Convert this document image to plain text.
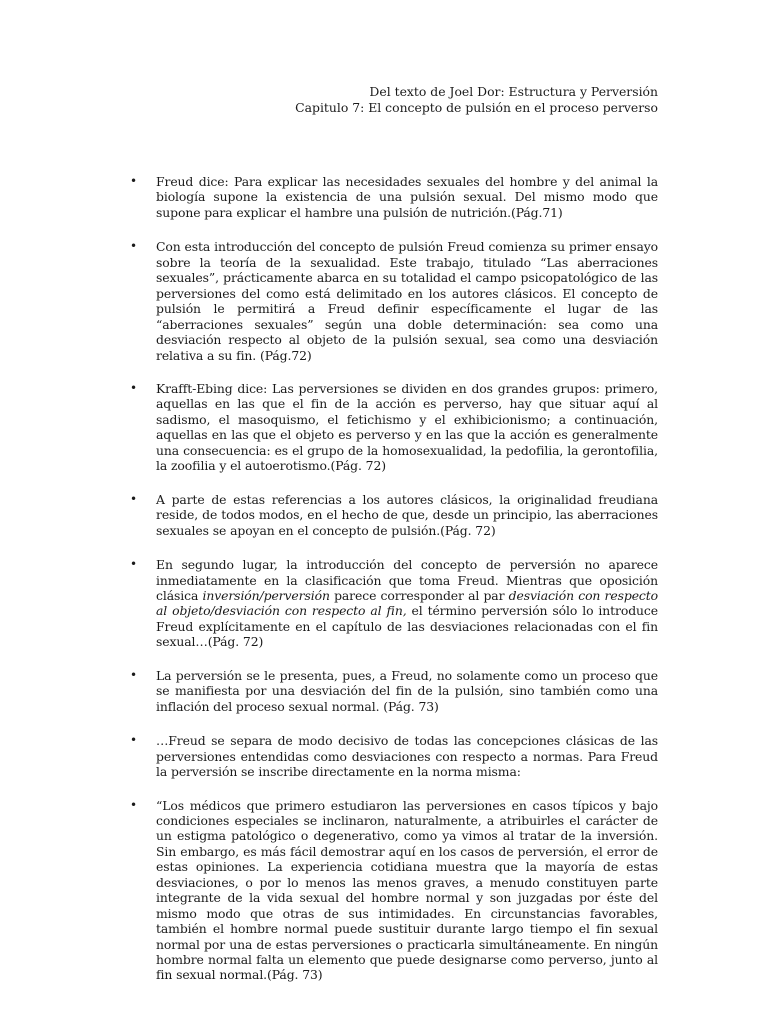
Del texto de Joel Dor: Estructura y Perversión
Capitulo 7: El concepto de pulsión en el proceso perverso
• Freud dice: Para explicar las necesidades sexuales del hombre y del animal la biología supone la existencia de una pulsión sexual. Del mismo modo que supone para explicar el hambre una pulsión de nutrición.(Pág.71)
• Con esta introducción del concepto de pulsión Freud comienza su primer ensayo sobre la teoría de la sexualidad. Este trabajo, titulado “Las aberraciones sexuales”, prácticamente abarca en su totalidad el campo psicopatológico de las perversiones del como está delimitado en los autores clásicos. El concepto de pulsión le permitirá a Freud definir específicamente el lugar de las “aberraciones sexuales” según una doble determinación: sea como una desviación respecto al objeto de la pulsión sexual, sea como una desviación relativa a su fin. (Pág.72)
• Krafft-Ebing dice: Las perversiones se dividen en dos grandes grupos: primero, aquellas en las que el fin de la acción es perverso, hay que situar aquí al sadismo, el masoquismo, el fetichismo y el exhibicionismo; a continuación, aquellas en las que el objeto es perverso y en las que la acción es generalmente una consecuencia: es el grupo de la homosexualidad, la pedofilia, la gerontofilia, la zoofilia y el autoerotismo.(Pág. 72)
• A parte de estas referencias a los autores clásicos, la originalidad freudiana reside, de todos modos, en el hecho de que, desde un principio, las aberraciones sexuales se apoyan en el concepto de pulsión.(Pág. 72)
• En segundo lugar, la introducción del concepto de perversión no aparece inmediatamente en la clasificación que toma Freud. Mientras que oposición clásica inversión/perversión parece corresponder al par desviación con respecto al objeto/desviación con respecto al fin, el término perversión sólo lo introduce Freud explícitamente en el capítulo de las desviaciones relacionadas con el fin sexual…(Pág. 72)
• La perversión se le presenta, pues, a Freud, no solamente como un proceso que se manifiesta por una desviación del fin de la pulsión, sino también como una inflación del proceso sexual normal. (Pág. 73)
• …Freud se separa de modo decisivo de todas las concepciones clásicas de las perversiones entendidas como desviaciones con respecto a normas. Para Freud la perversión se inscribe directamente en la norma misma:
• “Los médicos que primero estudiaron las perversiones en casos típicos y bajo condiciones especiales se inclinaron, naturalmente, a atribuirles el carácter de un estigma patológico o degenerativo, como ya vimos al tratar de la inversión. Sin embargo, es más fácil demostrar aquí en los casos de perversión, el error de estas opiniones. La experiencia cotidiana muestra que la mayoría de estas desviaciones, o por lo menos las menos graves, a menudo constituyen parte integrante de la vida sexual del hombre normal y son juzgadas por éste del mismo modo que otras de sus intimidades. En circunstancias favorables, también el hombre normal puede sustituir durante largo tiempo el fin sexual normal por una de estas perversiones o practicarla simultáneamente. En ningún hombre normal falta un elemento que puede designarse como perverso, junto al fin sexual normal.(Pág. 73)
